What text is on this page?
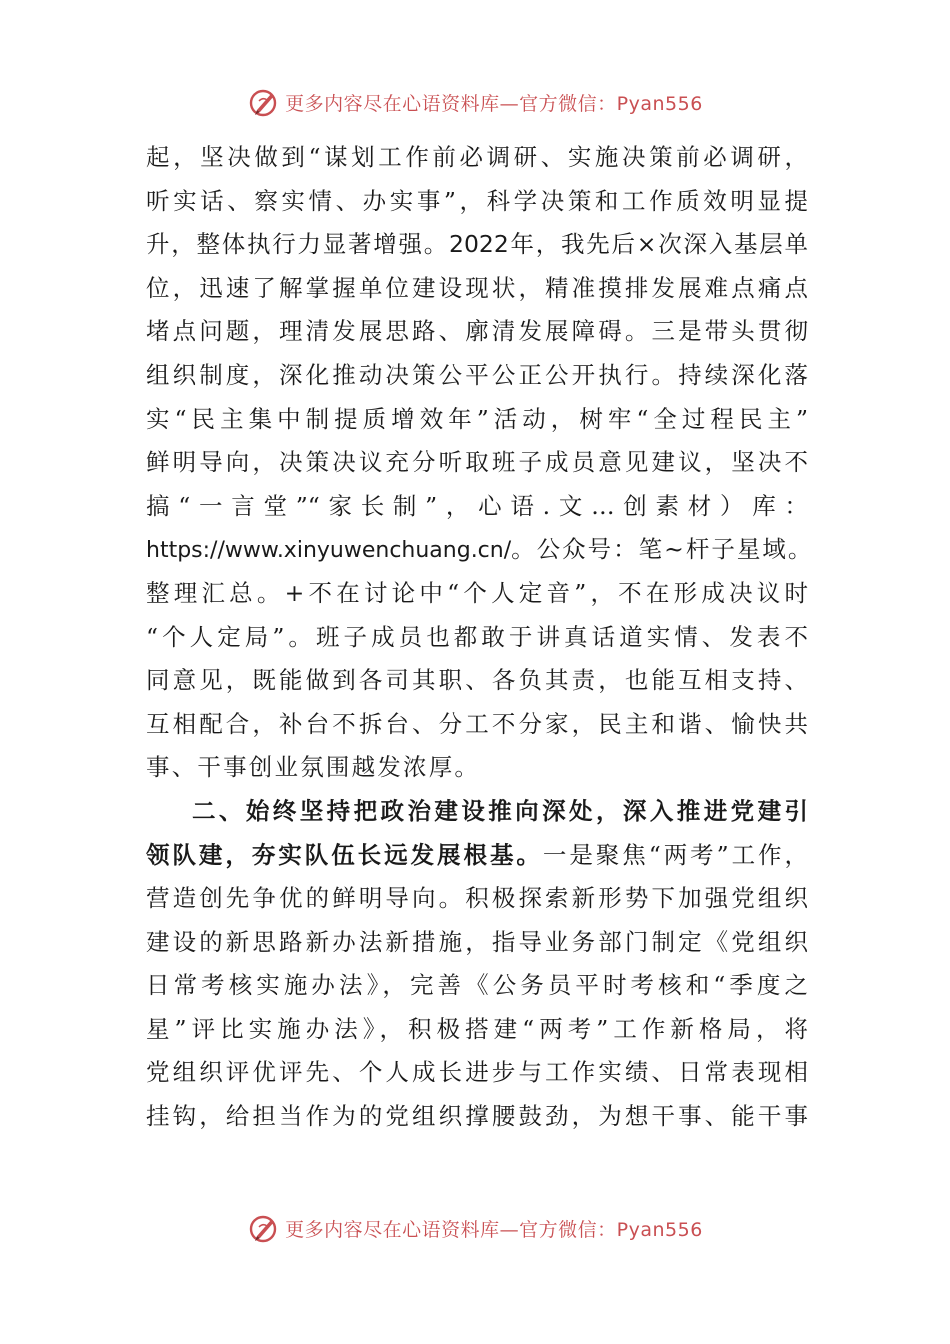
更多内容尽在心语资料库—官方微信：Pyan556
起，坚决做到“谋划工作前必调研、实施决策前必调研，
听实话、察实情、办实事”，科学决策和工作质效明显提
升，整体执行力显著增强。2022年，我先后×次深入基层单
位，迅速了解掌握单位建设现状，精准摸排发展难点痛点
堵点问题，理清发展思路、廓清发展障碍。三是带头贯彻
组织制度，深化推动决策公平公正公开执行。持续深化落
实“民主集中制提质增效年”活动，树牢“全过程民主”
鲜明导向，决策决议充分听取班子成员意见建议，坚决不
搞“一言堂”“家长制”，心语.文…创素材）库：
https://www.xinyuwenchuang.cn/。公众号：笔~杆子星域。
整理汇总。+不在讨论中“个人定音”，不在形成决议时
“个人定局”。班子成员也都敢于讲真话道实情、发表不
同意见，既能做到各司其职、各负其责，也能互相支持、
互相配合，补台不拆台、分工不分家，民主和谐、愉快共
事、干事创业氛围越发浓厚。
二、始终坚持把政治建设推向深处，深入推进党建引
领队建，夯实队伍长远发展根基。一是聚焦“两考”工作，
营造创先争优的鲜明导向。积极探索新形势下加强党组织
建设的新思路新办法新措施，指导业务部门制定《党组织
日常考核实施办法》，完善《公务员平时考核和“季度之
星”评比实施办法》，积极搭建“两考”工作新格局，将
党组织评优评先、个人成长进步与工作实绩、日常表现相
挂钩，给担当作为的党组织撑腰鼓劲，为想干事、能干事
更多内容尽在心语资料库—官方微信：Pyan556
